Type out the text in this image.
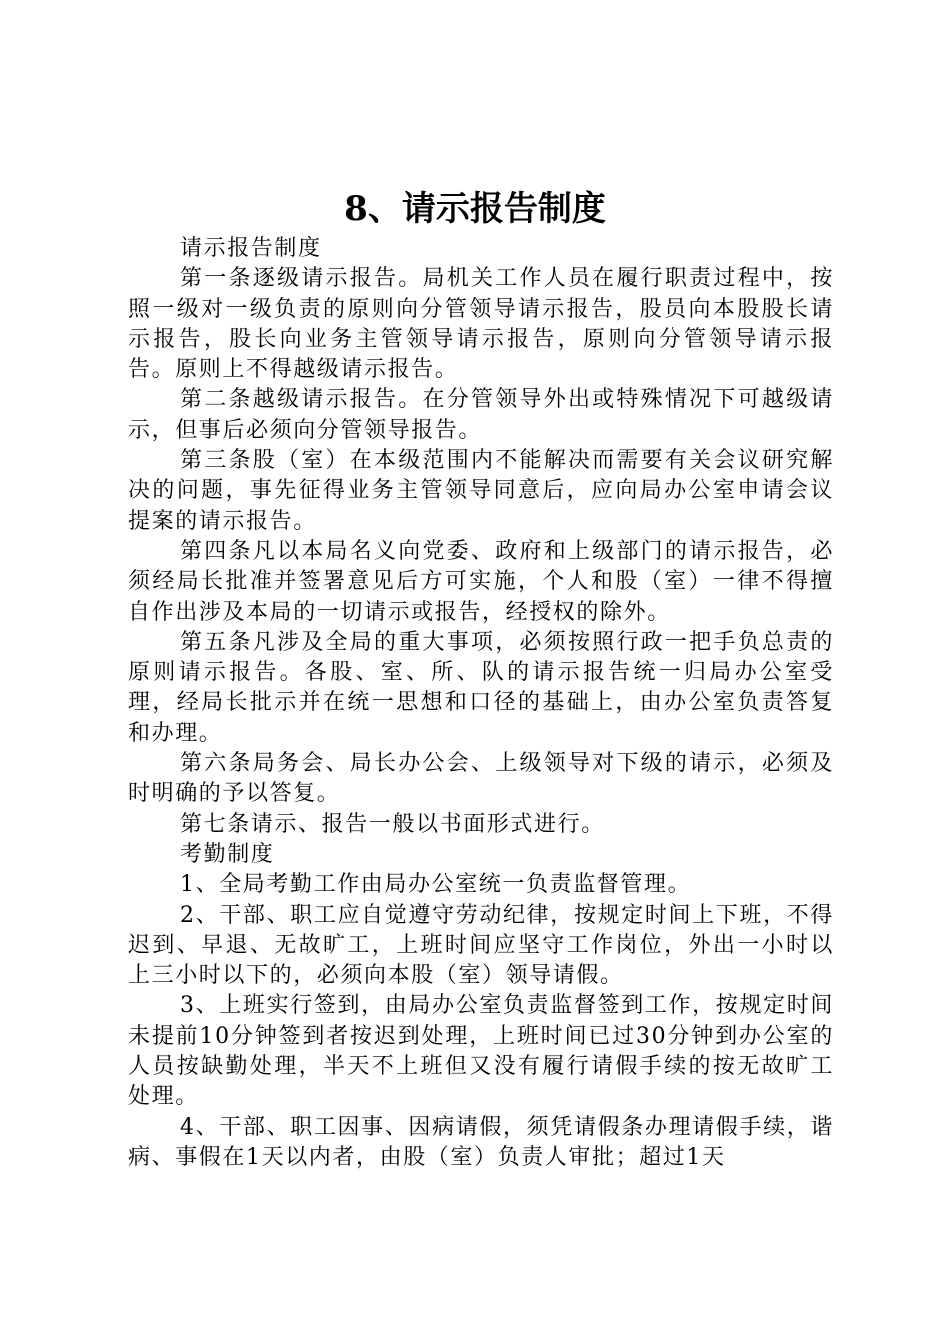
8、请示报告制度

请示报告制度

第一条逐级请示报告。局机关工作人员在履行职责过程中，按照一级对一级负责的原则向分管领导请示报告，股员向本股股长请示报告，股长向业务主管领导请示报告，原则向分管领导请示报告。原则上不得越级请示报告。

第二条越级请示报告。在分管领导外出或特殊情况下可越级请示，但事后必须向分管领导报告。

第三条股（室）在本级范围内不能解决而需要有关会议研究解决的问题，事先征得业务主管领导同意后，应向局办公室申请会议提案的请示报告。

第四条凡以本局名义向党委、政府和上级部门的请示报告，必须经局长批准并签署意见后方可实施，个人和股（室）一律不得擅自作出涉及本局的一切请示或报告，经授权的除外。

第五条凡涉及全局的重大事项，必须按照行政一把手负总责的原则请示报告。各股、室、所、队的请示报告统一归局办公室受理，经局长批示并在统一思想和口径的基础上，由办公室负责答复和办理。

第六条局务会、局长办公会、上级领导对下级的请示，必须及时明确的予以答复。

第七条请示、报告一般以书面形式进行。

考勤制度

1、全局考勤工作由局办公室统一负责监督管理。

2、干部、职工应自觉遵守劳动纪律，按规定时间上下班，不得迟到、早退、无故旷工，上班时间应坚守工作岗位，外出一小时以上三小时以下的，必须向本股（室）领导请假。

3、上班实行签到，由局办公室负责监督签到工作，按规定时间未提前10分钟签到者按迟到处理，上班时间已过30分钟到办公室的人员按缺勤处理，半天不上班但又没有履行请假手续的按无故旷工处理。

4、干部、职工因事、因病请假，须凭请假条办理请假手续，谐病、事假在1天以内者，由股（室）负责人审批；超过1天
